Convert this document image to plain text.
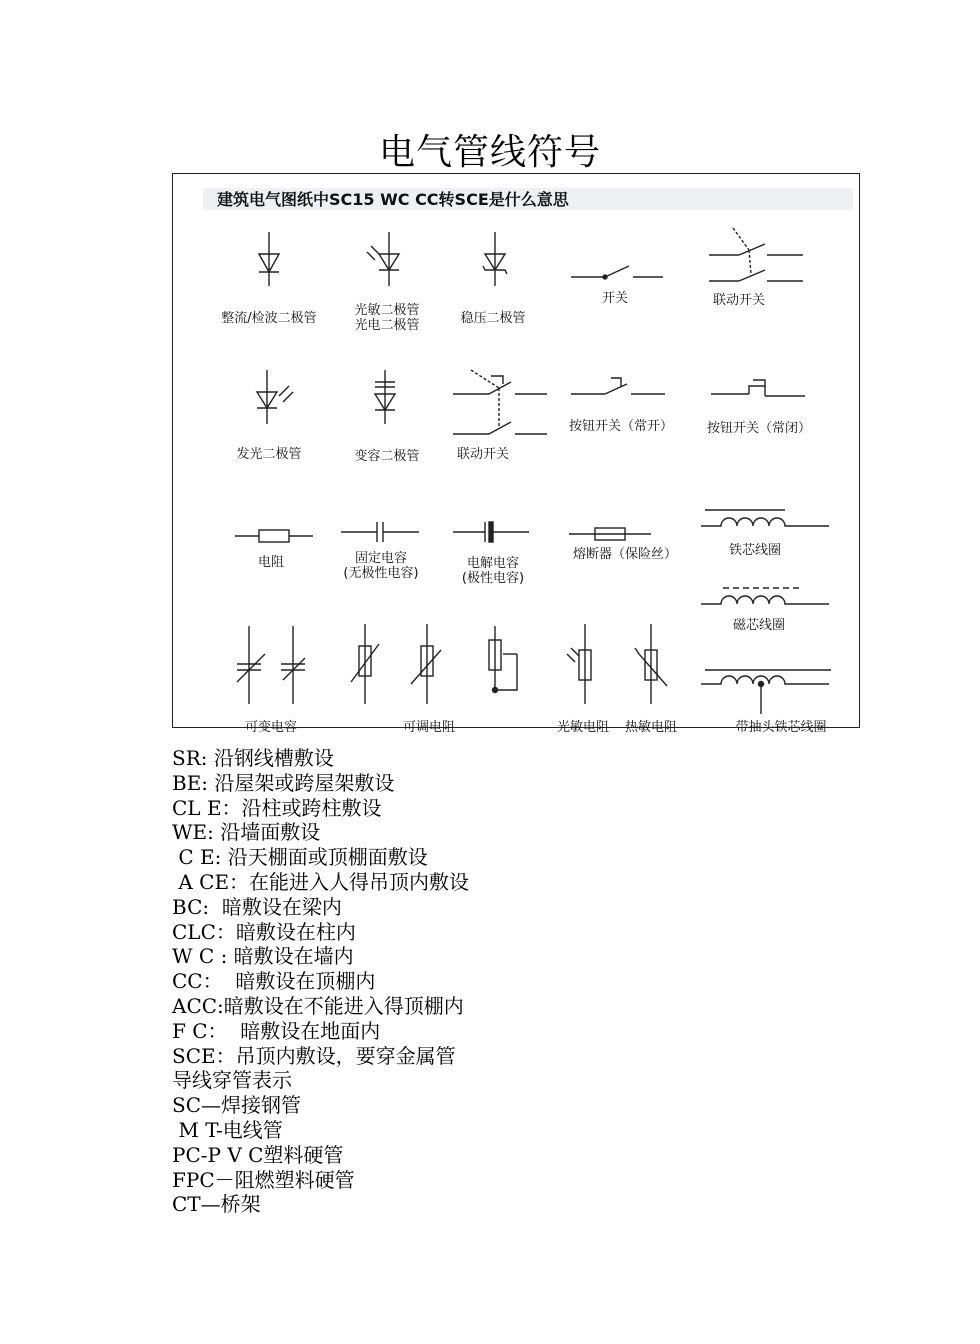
电气管线符号
建筑电气图纸中SC15 WC CC转SCE是什么意思
整流/检波二极管
光敏二极管
光电二极管	稳压二极管
开关	联动开关
发光二极管	变容二极管	联动开关
按钮开关（常开）	按钮开关（常闭）
电阻	固定电容
(无极性电容)
电解电容
(极性电容)
熔断器（保险丝）	铁芯线圈
磁芯线圈
可变电容	可调电阻	光敏电阻 热敏电阻	带抽头铁芯线圈
SR: 沿钢线槽敷设
BE: 沿屋架或跨屋架敷设
CL E：沿柱或跨柱敷设
WE: 沿墙面敷设
C E: 沿天棚面或顶棚面敷设
A CE：在能进入人得吊顶内敷设
BC:  暗敷设在梁内
CLC：暗敷设在柱内
W C : 暗敷设在墙内
CC：  暗敷设在顶棚内
ACC:暗敷设在不能进入得顶棚内
F C：  暗敷设在地面内
SCE：吊顶内敷设，要穿金属管
导线穿管表示
SC—焊接钢管
M T-电线管
PC-P V C塑料硬管
FPC－阻燃塑料硬管
CT—桥架
